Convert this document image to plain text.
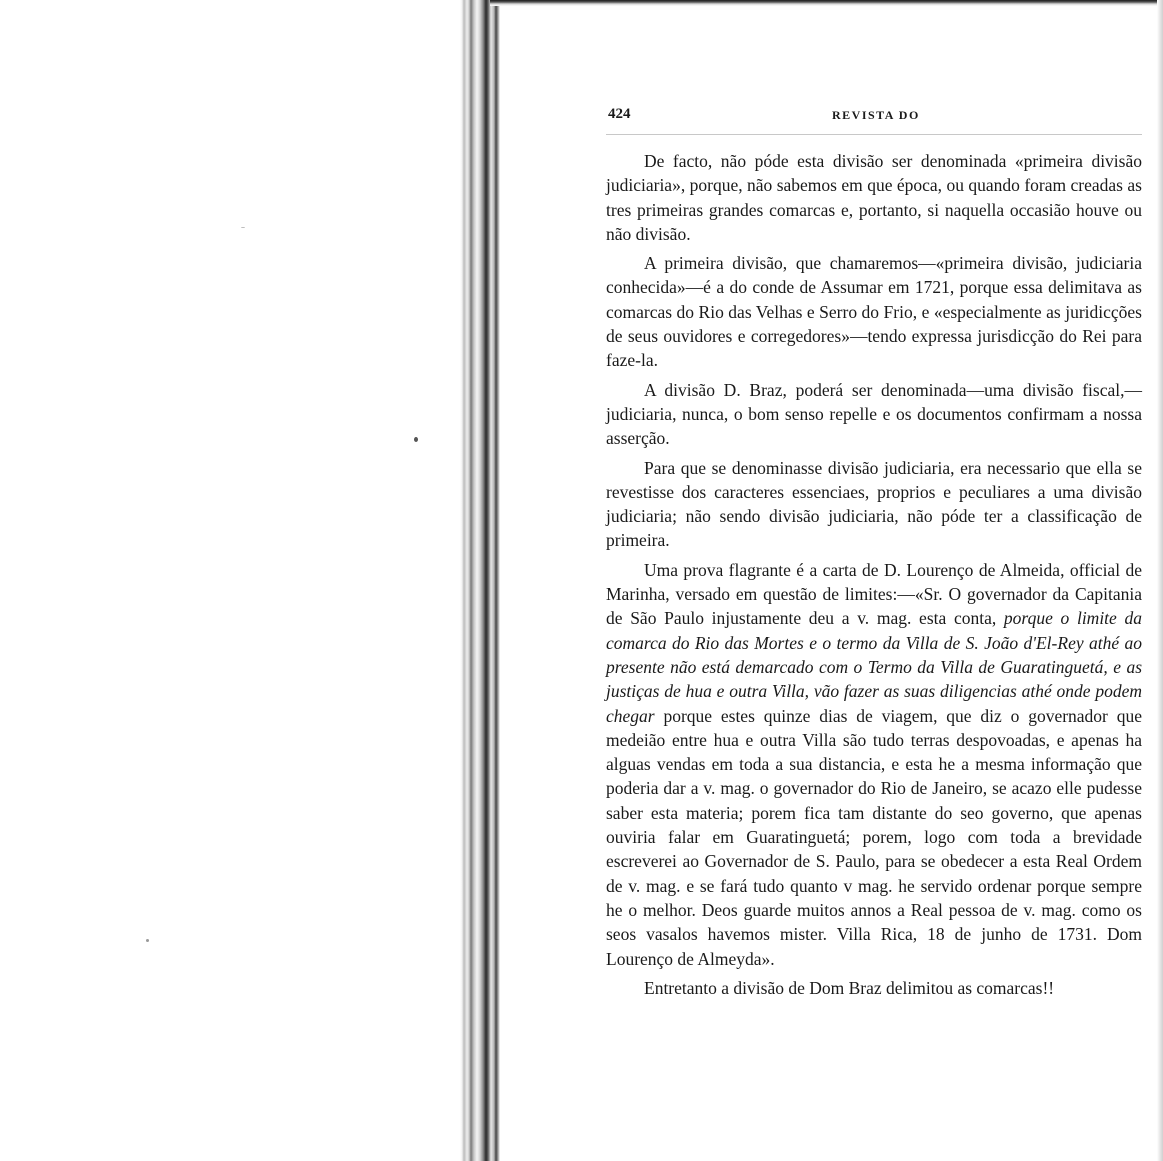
424	REVISTA DO

De facto, não póde esta divisão ser denominada «primeira divisão judiciaria», porque, não sabemos em que época, ou quando foram creadas as tres primeiras grandes comarcas e, portanto, si naquella occasião houve ou não divisão.

A primeira divisão, que chamaremos—«primeira divisão, judiciaria conhecida»—é a do conde de Assumar em 1721, porque essa delimitava as comarcas do Rio das Velhas e Serro do Frio, e «especialmente as juridicções de seus ouvidores e corregedores»—tendo expressa jurisdicção do Rei para faze-la.

A divisão D. Braz, poderá ser denominada—uma divisão fiscal,—judiciaria, nunca, o bom senso repelle e os documentos confirmam a nossa asserção.

Para que se denominasse divisão judiciaria, era necessario que ella se revestisse dos caracteres essenciaes, proprios e peculiares a uma divisão judiciaria; não sendo divisão judiciaria, não póde ter a classificação de primeira.

Uma prova flagrante é a carta de D. Lourenço de Almeida, official de Marinha, versado em questão de limites:—«Sr. O governador da Capitania de São Paulo injustamente deu a v. mag. esta conta, porque o limite da comarca do Rio das Mortes e o termo da Villa de S. João d'El-Rey athé ao presente não está demarcado com o Termo da Villa de Guaratinguetá, e as justiças de hua e outra Villa, vão fazer as suas diligencias athé onde podem chegar porque estes quinze dias de viagem, que diz o governador que medeião entre hua e outra Villa são tudo terras despovoadas, e apenas ha alguas vendas em toda a sua distancia, e esta he a mesma informação que poderia dar a v. mag. o governador do Rio de Janeiro, se acazo elle pudesse saber esta materia; porem fica tam distante do seo governo, que apenas ouviria falar em Guaratinguetá; porem, logo com toda a brevidade escreverei ao Governador de S. Paulo, para se obedecer a esta Real Ordem de v. mag. e se fará tudo quanto v mag. he servido ordenar porque sempre he o melhor. Deos guarde muitos annos a Real pessoa de v. mag. como os seos vasalos havemos mister. Villa Rica, 18 de junho de 1731. Dom Lourenço de Almeyda».

Entretanto a divisão de Dom Braz delimitou as comarcas!!
